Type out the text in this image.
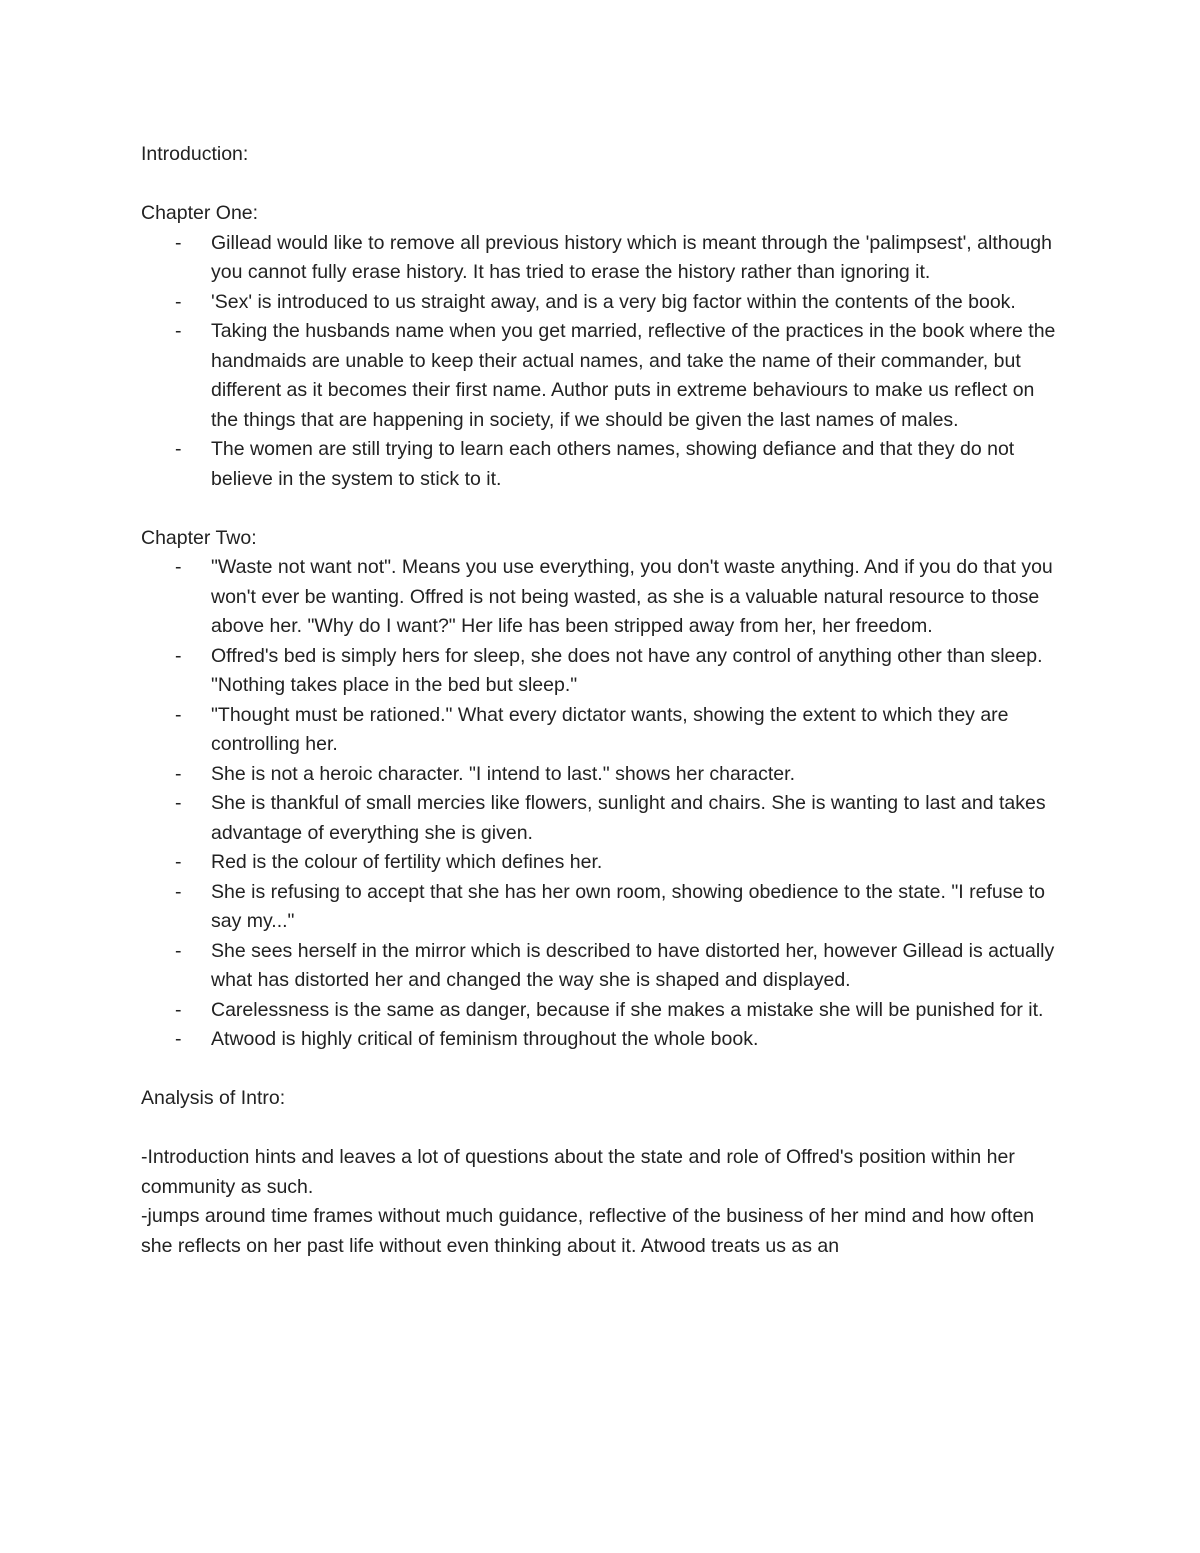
Introduction:
Chapter One:
- Gillead would like to remove all previous history which is meant through the 'palimpsest', although you cannot fully erase history. It has tried to erase the history rather than ignoring it.
- 'Sex' is introduced to us straight away, and is a very big factor within the contents of the book.
- Taking the husbands name when you get married, reflective of the practices in the book where the handmaids are unable to keep their actual names, and take the name of their commander, but different as it becomes their first name. Author puts in extreme behaviours to make us reflect on the things that are happening in society, if we should be given the last names of males.
- The women are still trying to learn each others names, showing defiance and that they do not believe in the system to stick to it.
Chapter Two:
- "Waste not want not". Means you use everything, you don't waste anything. And if you do that you won't ever be wanting. Offred is not being wasted, as she is a valuable natural resource to those above her. "Why do I want?" Her life has been stripped away from her, her freedom.
- Offred's bed is simply hers for sleep, she does not have any control of anything other than sleep. "Nothing takes place in the bed but sleep."
- "Thought must be rationed." What every dictator wants, showing the extent to which they are controlling her.
- She is not a heroic character. "I intend to last." shows her character.
- She is thankful of small mercies like flowers, sunlight and chairs. She is wanting to last and takes advantage of everything she is given.
- Red is the colour of fertility which defines her.
- She is refusing to accept that she has her own room, showing obedience to the state. "I refuse to say my..."
- She sees herself in the mirror which is described to have distorted her, however Gillead is actually what has distorted her and changed the way she is shaped and displayed.
- Carelessness is the same as danger, because if she makes a mistake she will be punished for it.
- Atwood is highly critical of feminism throughout the whole book.
Analysis of Intro:

-Introduction hints and leaves a lot of questions about the state and role of Offred's position within her community as such.

-jumps around time frames without much guidance, reflective of the business of her mind and how often she reflects on her past life without even thinking about it. Atwood treats us as an
